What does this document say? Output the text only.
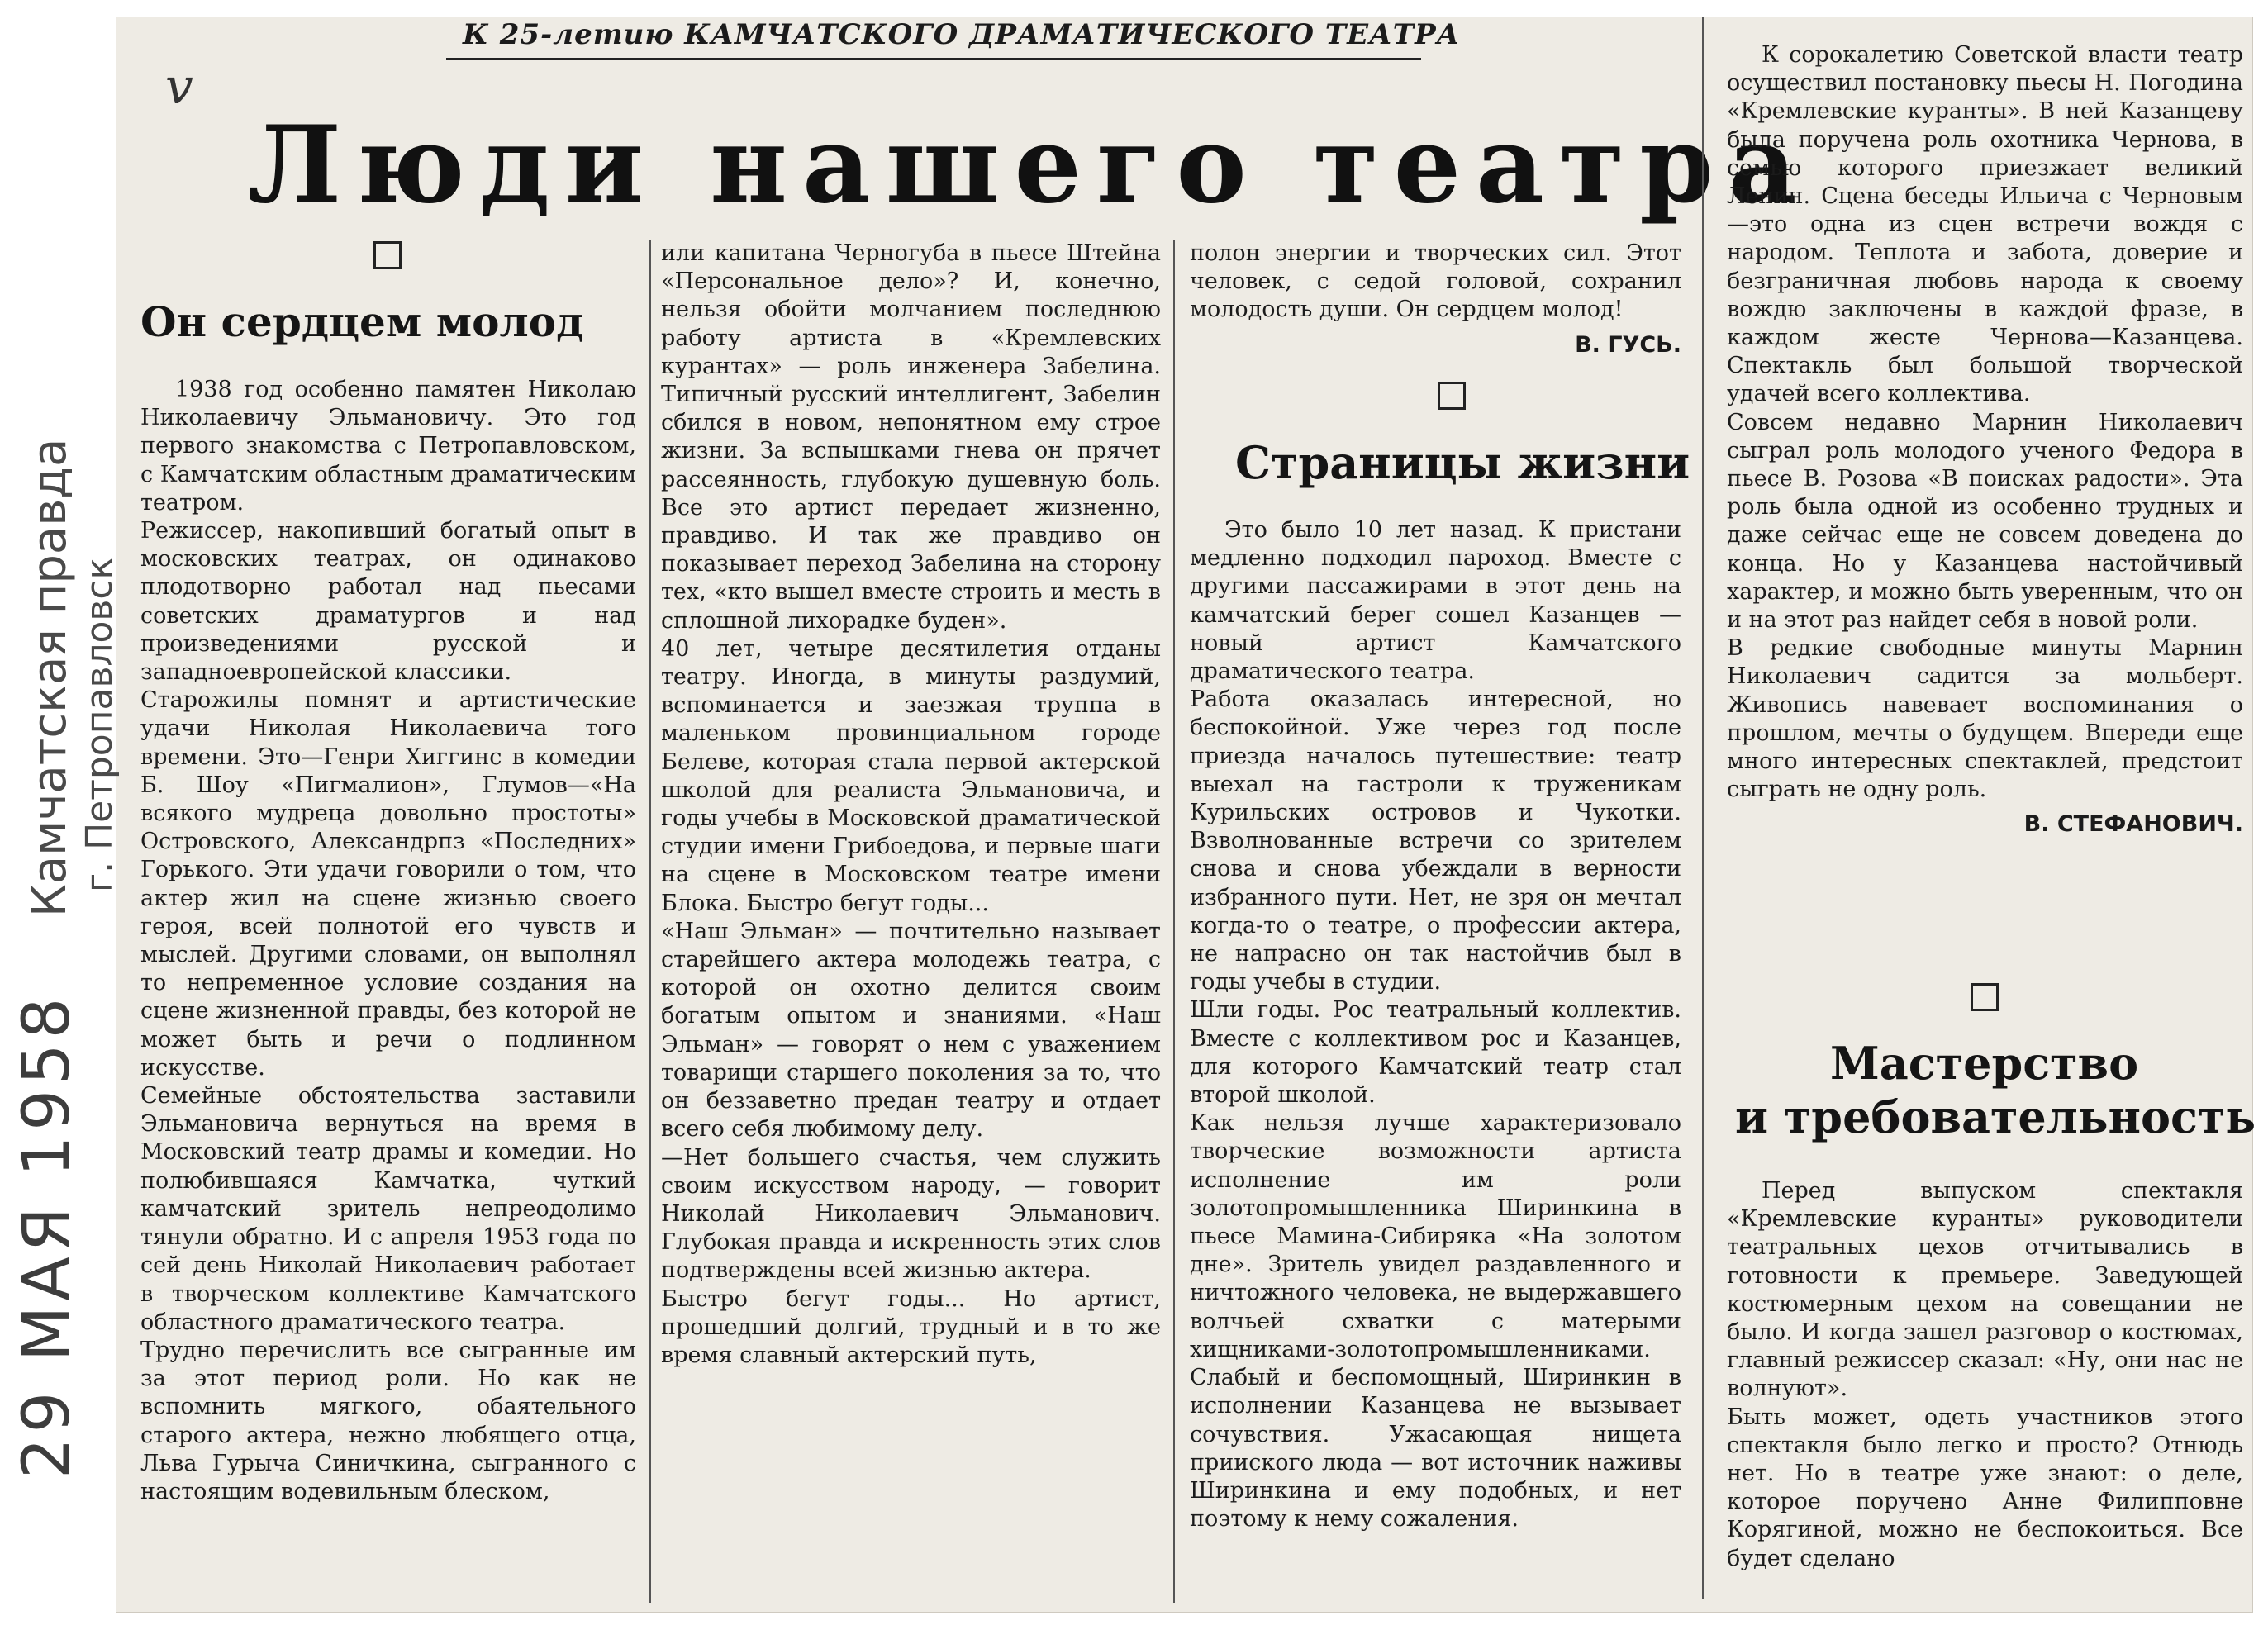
Камчатская правда г. Петропавловск
29 МАЯ 1958
v
К 25-летию КАМЧАТСКОГО ДРАМАТИЧЕСКОГО ТЕАТРА
Люди нашего театра
Он сердцем молод

1938 год особенно памятен Николаю Николаевичу Эльмановичу. Это год первого знакомства с Петропавловском, с Камчатским областным драматическим театром.
Режиссер, накопивший богатый опыт в московских театрах, он одинаково плодотворно работал над пьесами советских драматургов и над произведениями русской и западноевропейской классики.
Старожилы помнят и артистические удачи Николая Николаевича того времени. Это—Генри Хиггинс в комедии Б. Шоу «Пигмалион», Глумов—«На всякого мудреца довольно простоты» Островского, Александрпз «Последних» Горького. Эти удачи говорили о том, что актер жил на сцене жизнью своего героя, всей полнотой его чувств и мыслей. Другими словами, он выполнял то непременное условие создания на сцене жизненной правды, без которой не может быть и речи о подлинном искусстве.
Семейные обстоятельства заставили Эльмановича вернуться на время в Московский театр драмы и комедии. Но полюбившаяся Камчатка, чуткий камчатский зритель непреодолимо тянули обратно. И с апреля 1953 года по сей день Николай Николаевич работает в творческом коллективе Камчатского областного драматического театра.
Трудно перечислить все сыгранные им за этот период роли. Но как не вспомнить мягкого, обаятельного старого актера, нежно любящего отца, Льва Гурыча Синичкина, сыгранного с настоящим водевильным блеском,

или капитана Черногуба в пьесе Штейна «Персональное дело»? И, конечно, нельзя обойти молчанием последнюю работу артиста в «Кремлевских курантах» — роль инженера Забелина. Типичный русский интеллигент, Забелин сбился в новом, непонятном ему строе жизни. За вспышками гнева он прячет рассеянность, глубокую душевную боль. Все это артист передает жизненно, правдиво. И так же правдиво он показывает переход Забелина на сторону тех, «кто вышел вместе строить и месть в сплошной лихорадке буден».
40 лет, четыре десятилетия отданы театру. Иногда, в минуты раздумий, вспоминается и заезжая труппа в маленьком провинциальном городе Белеве, которая стала первой актерской школой для реалиста Эльмановича, и годы учебы в Московской драматической студии имени Грибоедова, и первые шаги на сцене в Московском театре имени Блока. Быстро бегут годы...
«Наш Эльман» — почтительно называет старейшего актера молодежь театра, с которой он охотно делится своим богатым опытом и знаниями. «Наш Эльман» — говорят о нем с уважением товарищи старшего поколения за то, что он беззаветно предан театру и отдает всего себя любимому делу.
—Нет большего счастья, чем служить своим искусством народу, — говорит Николай Николаевич Эльманович. Глубокая правда и искренность этих слов подтверждены всей жизнью актера.
Быстро бегут годы... Но артист, прошедший долгий, трудный и в то же время славный актерский путь,

полон энергии и творческих сил. Этот человек, с седой головой, сохранил молодость души. Он сердцем молод!

В. ГУСЬ.

Страницы жизни

Это было 10 лет назад. К пристани медленно подходил пароход. Вместе с другими пассажирами в этот день на камчатский берег сошел Казанцев — новый артист Камчатского драматического театра.
Работа оказалась интересной, но беспокойной. Уже через год после приезда началось путешествие: театр выехал на гастроли к труженикам Курильских островов и Чукотки. Взволнованные встречи со зрителем снова и снова убеждали в верности избранного пути. Нет, не зря он мечтал когда-то о театре, о профессии актера, не напрасно он так настойчив был в годы учебы в студии.
Шли годы. Рос театральный коллектив. Вместе с коллективом рос и Казанцев, для которого Камчатский театр стал второй школой.
Как нельзя лучше характеризовало творческие возможности артиста исполнение им роли золотопромышленника Ширинкина в пьесе Мамина-Сибиряка «На золотом дне». Зритель увидел раздавленного и ничтожного человека, не выдержавшего волчьей схватки с матерыми хищниками-золотопромышленниками. Слабый и беспомощный, Ширинкин в исполнении Казанцева не вызывает сочувствия. Ужасающая нищета прииского люда — вот источник наживы Ширинкина и ему подобных, и нет поэтому к нему сожаления.

К сорокалетию Советской власти театр осуществил постановку пьесы Н. Погодина «Кремлевские куранты». В ней Казанцеву была поручена роль охотника Чернова, в семью которого приезжает великий Ленин. Сцена беседы Ильича с Черновым—это одна из сцен встречи вождя с народом. Теплота и забота, доверие и безграничная любовь народа к своему вождю заключены в каждой фразе, в каждом жесте Чернова—Казанцева. Спектакль был большой творческой удачей всего коллектива.
Совсем недавно Марнин Николаевич сыграл роль молодого ученого Федора в пьесе В. Розова «В поисках радости». Эта роль была одной из особенно трудных и даже сейчас еще не совсем доведена до конца. Но у Казанцева настойчивый характер, и можно быть уверенным, что он и на этот раз найдет себя в новой роли.
В редкие свободные минуты Марнин Николаевич садится за мольберт. Живопись навевает воспоминания о прошлом, мечты о будущем. Впереди еще много интересных спектаклей, предстоит сыграть не одну роль.

В. СТЕФАНОВИЧ.

Мастерство
и требовательность

Перед выпуском спектакля «Кремлевские куранты» руководители театральных цехов отчитывались в готовности к премьере. Заведующей костюмерным цехом на совещании не было. И когда зашел разговор о костюмах, главный режиссер сказал: «Ну, они нас не волнуют».
Быть может, одеть участников этого спектакля было легко и просто? Отнюдь нет. Но в театре уже знают: о деле, которое поручено Анне Филипповне Корягиной, можно не беспокоиться. Все будет сделано
